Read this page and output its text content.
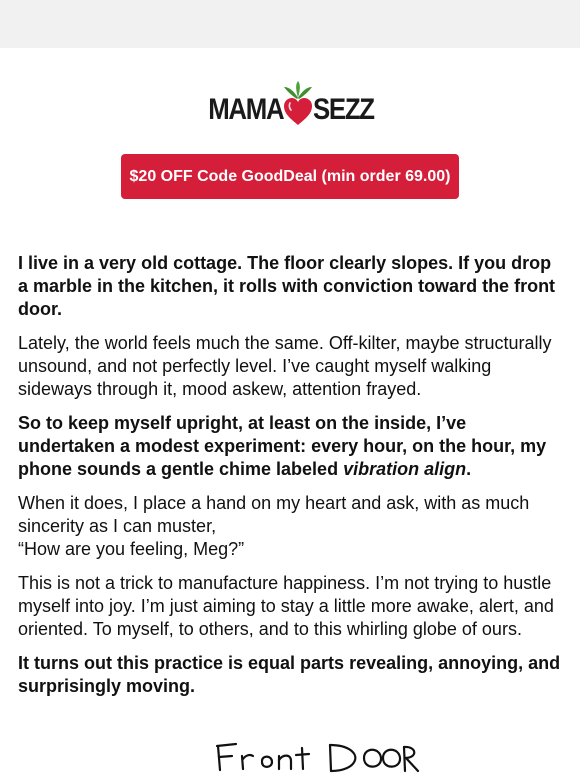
MAMA SEZZ
$20 OFF Code GoodDeal (min order 69.00)

I live in a very old cottage. The floor clearly slopes. If you drop a marble in the kitchen, it rolls with conviction toward the front door.

Lately, the world feels much the same. Off-kilter, maybe structurally unsound, and not perfectly level. I’ve caught myself walking sideways through it, mood askew, attention frayed.

So to keep myself upright, at least on the inside, I’ve undertaken a modest experiment: every hour, on the hour, my phone sounds a gentle chime labeled vibration align.

When it does, I place a hand on my heart and ask, with as much sincerity as I can muster,
“How are you feeling, Meg?”

This is not a trick to manufacture happiness. I’m not trying to hustle myself into joy. I’m just aiming to stay a little more awake, alert, and oriented. To myself, to others, and to this whirling globe of ours.

It turns out this practice is equal parts revealing, annoying, and surprisingly moving.

Front DOOR
